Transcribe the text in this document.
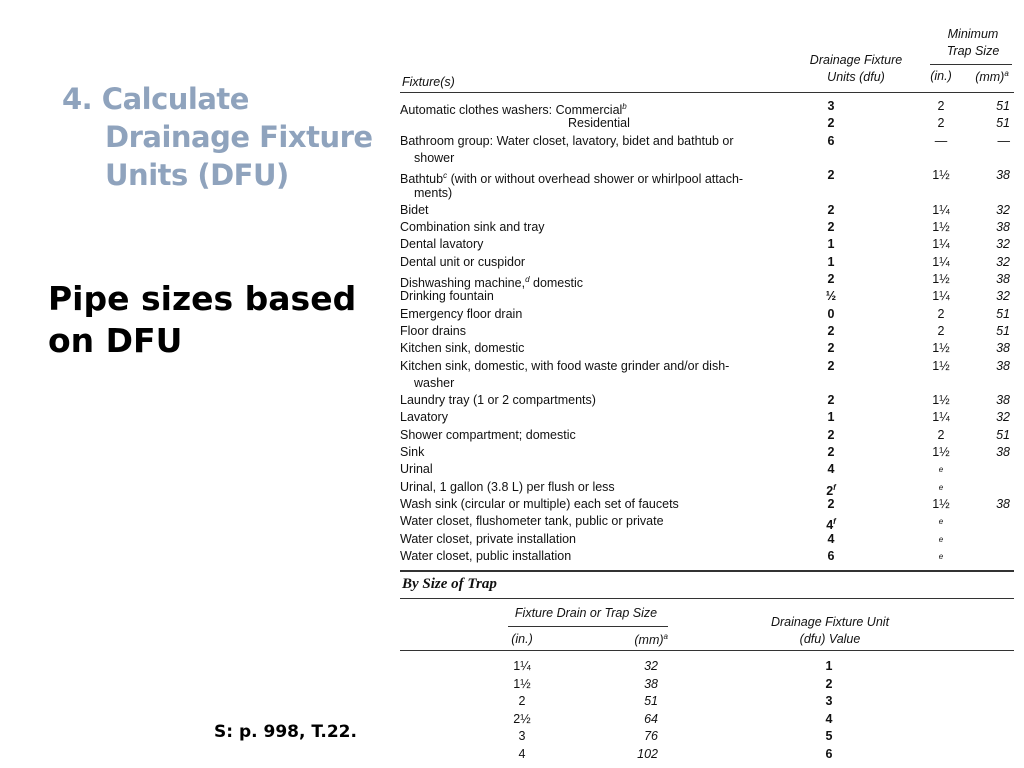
4. Calculate
Drainage Fixture
Units (DFU)
Pipe sizes based
on DFU
S: p. 998, T.22.
Minimum
Trap Size
Drainage Fixture
Units (dfu)	(in.)	(mm)$^a$
Fixture(s)
Automatic clothes washers: Commercial$^b$	3	2	51
Residential	2	2	51
Bathroom group: Water closet, lavatory, bidet and bathtub or	6	—	—
shower
Bathtub$^c$ (with or without overhead shower or whirlpool attach-	2	1½	38
ments)
Bidet	2	1¼	32
Combination sink and tray	2	1½	38
Dental lavatory	1	1¼	32
Dental unit or cuspidor	1	1¼	32
Dishwashing machine,$^d$ domestic	2	1½	38
Drinking fountain	½	1¼	32
Emergency floor drain	0	2	51
Floor drains	2	2	51
Kitchen sink, domestic	2	1½	38
Kitchen sink, domestic, with food waste grinder and/or dish-	2	1½	38
washer
Laundry tray (1 or 2 compartments)	2	1½	38
Lavatory	1	1¼	32
Shower compartment; domestic	2	2	51
Sink	2	1½	38
Urinal	4	$^e$
Urinal, 1 gallon (3.8 L) per flush or less	2$^f$	$^e$
Wash sink (circular or multiple) each set of faucets	2	1½	38
Water closet, flushometer tank, public or private	4$^f$	$^e$
Water closet, private installation	4	$^e$
Water closet, public installation	6	$^e$
By Size of Trap
Fixture Drain or Trap Size
(in.)	(mm)$^a$
Drainage Fixture Unit
(dfu) Value
1¼	32	1
1½	38	2
2	51	3
2½	64	4
3	76	5
4	102	6
